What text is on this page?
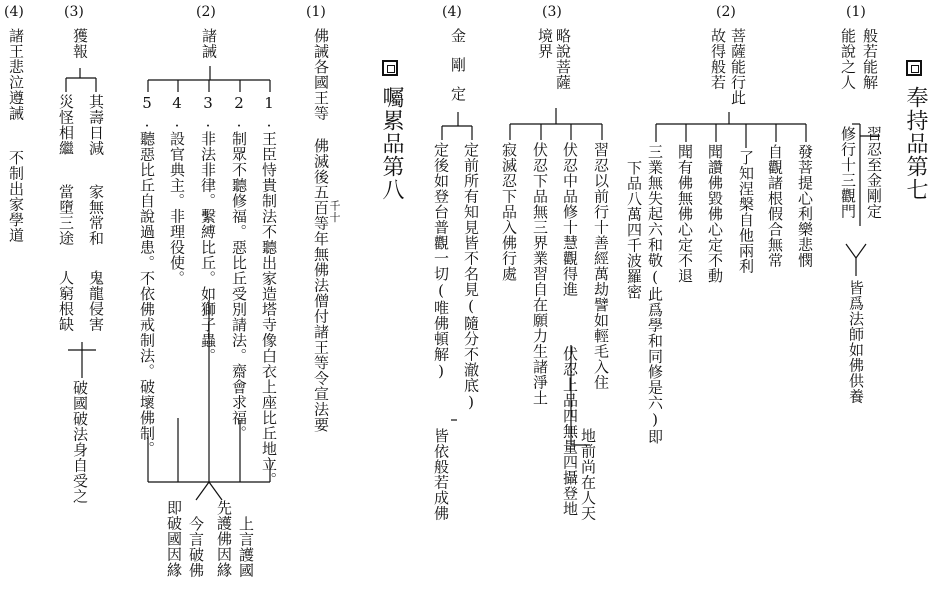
奉持品第七
(1)
般若能解
能說之人
習忍至金剛定
修行十三觀門
皆爲法師如佛供養
(2)
菩薩能行此
故得般若
發菩提心利樂悲憫
自觀諸根假合無常
了知涅槃自他兩利
聞讚佛毀佛心定不動
聞有佛無佛心定不退
三業無失起六和敬(此爲學和同修是六)即
下品八萬四千波羅密
(3)
略說菩薩
境界
習忍以前行十善經萬劫譬如輕毛入住
伏忍中品修十慧觀得進
伏忍上品四無量四攝登地 地前尚在人天
伏忍下品無三界業習自在願力生諸淨土
寂滅忍下品入佛行處
(4)
金剛定
定前所有知見皆不名見(隨分不澈底)
定後如登台普觀一切(唯佛頓解)
皆依般若成佛
囑累品第八
(1)
佛誡各國王等
佛滅後五百等年無佛法僧付諸王等令宣法要
千十
(2)
諸誡
1.王臣恃貴制法不聽出家造塔寺像白衣上座比丘地立。
2.制眾不聽修福。惡比丘受別請法。齋會求福。
3.非法非律。繫縛比丘。如獅子蟲。
4.設官典主。非理役使。
5.聽惡比丘自說過患。不依佛戒制法。破壞佛制。
上言護國
先護佛因緣
今言破佛
即破國因緣
(3)
獲報
其壽日減
家無常和
鬼龍侵害
災怪相繼
當墮三途
人窮根缺
破國破法身自受之
(4)
諸王悲泣遵誡
不制出家學道
